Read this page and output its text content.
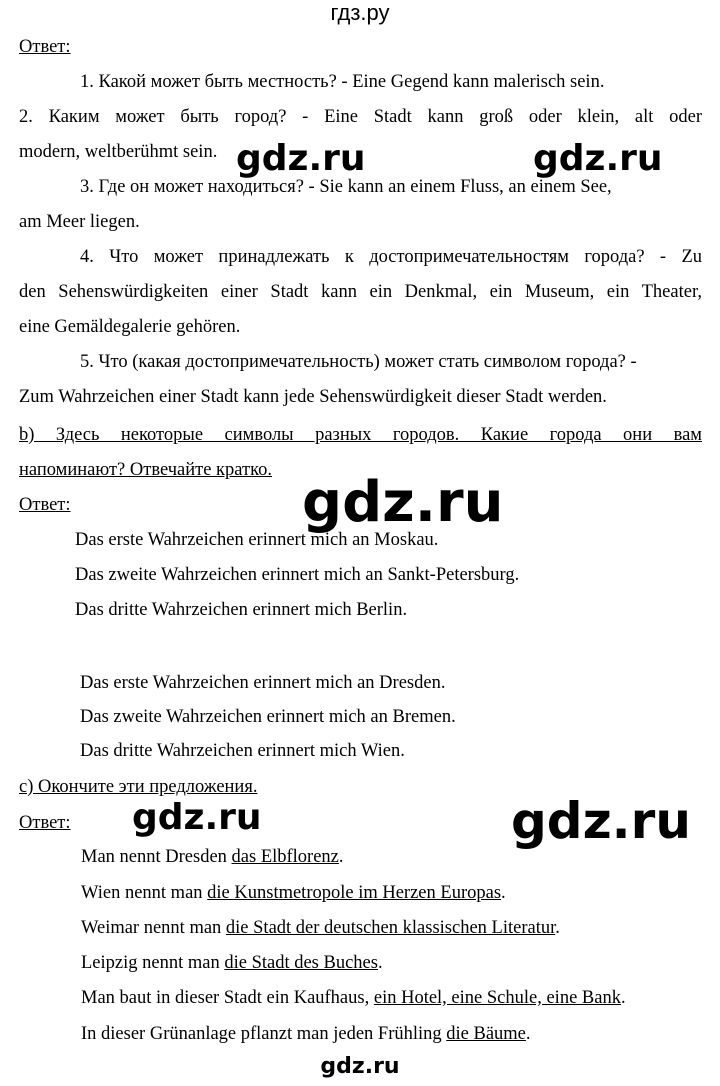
гдз.ру
Ответ:
1. Какой может быть местность? - Eine Gegend kann malerisch sein.
2. Каким может быть город? - Eine Stadt kann groß oder klein, alt oder
modern, weltberühmt sein.
3. Где он может находиться? - Sie kann an einem Fluss, an einem See,
am Meer liegen.
4. Что может принадлежать к достопримечательностям города? - Zu
den Sehenswürdigkeiten einer Stadt kann ein Denkmal, ein Museum, ein Theater,
eine Gemäldegalerie gehören.
5. Что (какая достопримечательность) может стать символом города? -
Zum Wahrzeichen einer Stadt kann jede Sehenswürdigkeit dieser Stadt werden.
b) Здесь некоторые символы разных городов. Какие города они вам
напоминают? Отвечайте кратко.
Ответ:
Das erste Wahrzeichen erinnert mich an Moskau.
Das zweite Wahrzeichen erinnert mich an Sankt-Petersburg.
Das dritte Wahrzeichen erinnert mich Berlin.
Das erste Wahrzeichen erinnert mich an Dresden.
Das zweite Wahrzeichen erinnert mich an Bremen.
Das dritte Wahrzeichen erinnert mich Wien.
c) Окончите эти предложения.
Ответ:
Man nennt Dresden das Elbflorenz.
Wien nennt man die Kunstmetropole im Herzen Europas.
Weimar nennt man die Stadt der deutschen klassischen Literatur.
Leipzig nennt man die Stadt des Buches.
Man baut in dieser Stadt ein Kaufhaus, ein Hotel, eine Schule, eine Bank.
In dieser Grünanlage pflanzt man jeden Frühling die Bäume.
gdz.ru	gdz.ru
gdz.ru
gdz.ru	gdz.ru
gdz.ru
